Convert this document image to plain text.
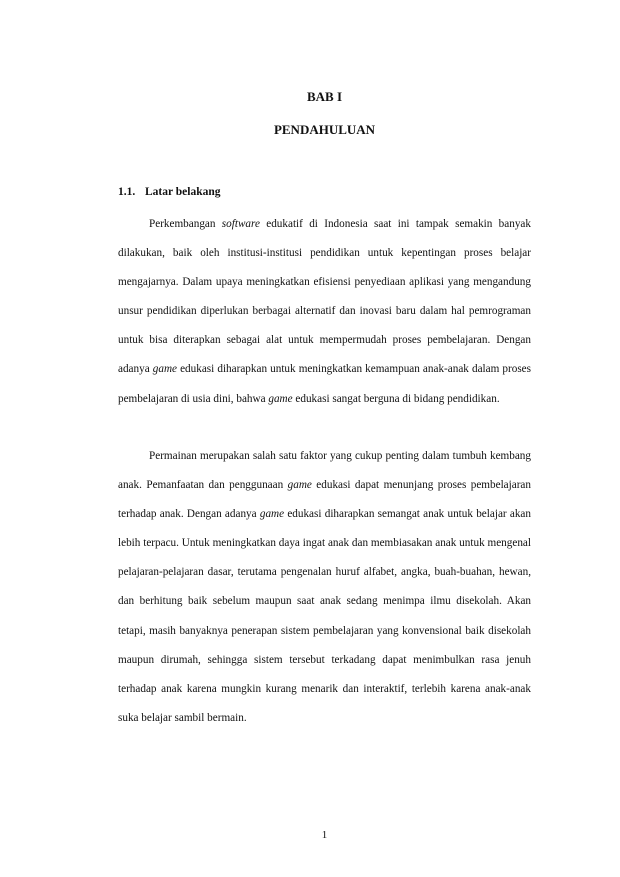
BAB I
PENDAHULUAN
1.1. Latar belakang

Perkembangan software edukatif di Indonesia saat ini tampak semakin banyak dilakukan, baik oleh institusi-institusi pendidikan untuk kepentingan proses belajar mengajarnya. Dalam upaya meningkatkan efisiensi penyediaan aplikasi yang mengandung unsur pendidikan diperlukan berbagai alternatif dan inovasi baru dalam hal pemrograman untuk bisa diterapkan sebagai alat untuk mempermudah proses pembelajaran. Dengan adanya game edukasi diharapkan untuk meningkatkan kemampuan anak-anak dalam proses pembelajaran di usia dini, bahwa game edukasi sangat berguna di bidang pendidikan.

Permainan merupakan salah satu faktor yang cukup penting dalam tumbuh kembang anak. Pemanfaatan dan penggunaan game edukasi dapat menunjang proses pembelajaran terhadap anak. Dengan adanya game edukasi diharapkan semangat anak untuk belajar akan lebih terpacu. Untuk meningkatkan daya ingat anak dan membiasakan anak untuk mengenal pelajaran-pelajaran dasar, terutama pengenalan huruf alfabet, angka, buah-buahan, hewan, dan berhitung baik sebelum maupun saat anak sedang menimpa ilmu disekolah. Akan tetapi, masih banyaknya penerapan sistem pembelajaran yang konvensional baik disekolah maupun dirumah, sehingga sistem tersebut terkadang dapat menimbulkan rasa jenuh terhadap anak karena mungkin kurang menarik dan interaktif, terlebih karena anak-anak suka belajar sambil bermain.

1
